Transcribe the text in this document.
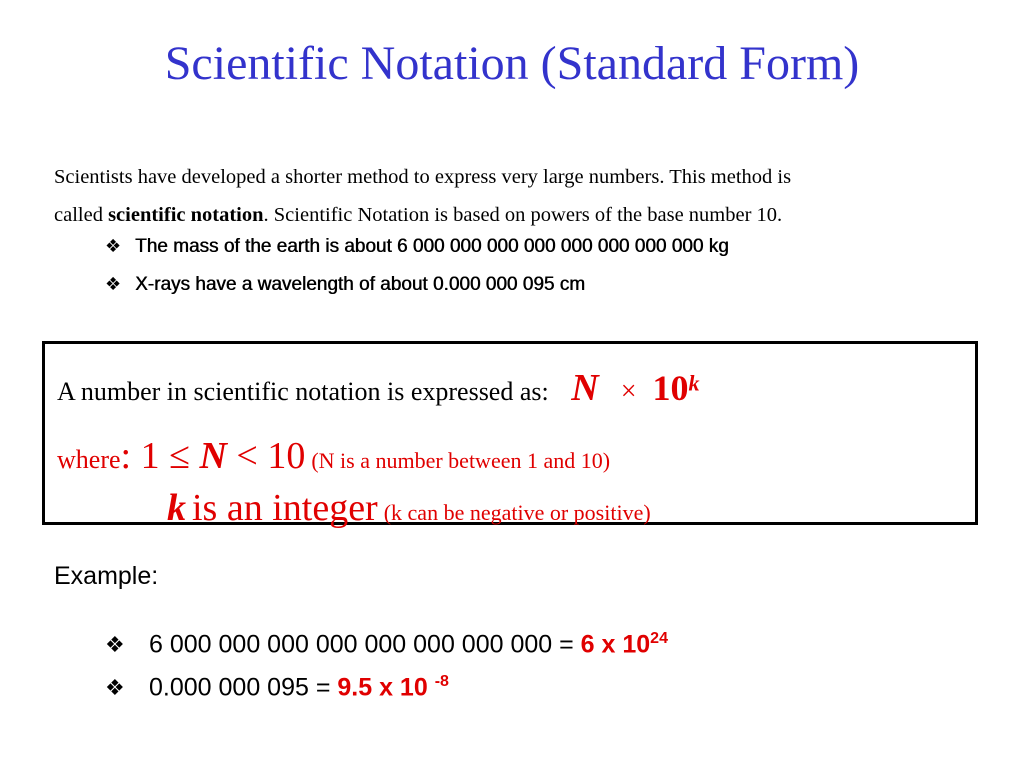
Scientific Notation (Standard Form)
Scientists have developed a shorter method to express very large numbers. This method is
called scientific notation. Scientific Notation is based on powers of the base number 10.
❖ The mass of the earth is about 6 000 000 000 000 000 000 000 000 kg
❖ X-rays have a wavelength of about 0.000 000 095 cm
A number in scientific notation is expressed as: $N \times 10^k$
where: 1 ≤ N < 10 (N is a number between 1 and 10)
k is an integer (k can be negative or positive)
Example:
❖ 6 000 000 000 000 000 000 000 000 = 6 x $10^{24}$
❖ 0.000 000 095 = 9.5 x 10 $^{-8}$
